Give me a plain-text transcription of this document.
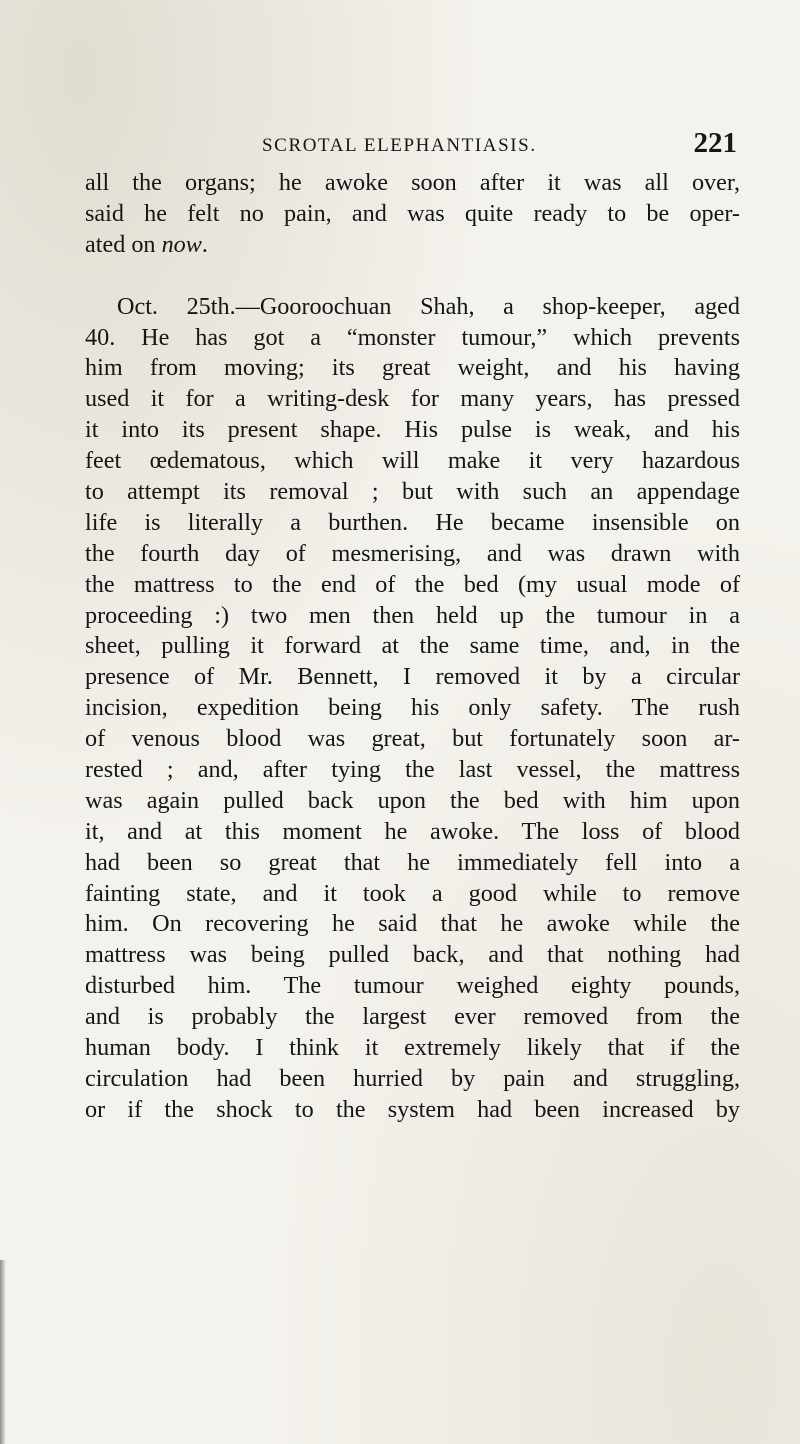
SCROTAL ELEPHANTIASIS.	221
all the organs; he awoke soon after it was all over,
said he felt no pain, and was quite ready to be oper-
ated on now.
Oct. 25th.—Gooroochuan Shah, a shop-keeper, aged
40. He has got a “monster tumour,” which prevents
him from moving; its great weight, and his having
used it for a writing-desk for many years, has pressed
it into its present shape. His pulse is weak, and his
feet œdematous, which will make it very hazardous
to attempt its removal ; but with such an appendage
life is literally a burthen. He became insensible on
the fourth day of mesmerising, and was drawn with
the mattress to the end of the bed (my usual mode of
proceeding :) two men then held up the tumour in a
sheet, pulling it forward at the same time, and, in the
presence of Mr. Bennett, I removed it by a circular
incision, expedition being his only safety. The rush
of venous blood was great, but fortunately soon ar-
rested ; and, after tying the last vessel, the mattress
was again pulled back upon the bed with him upon
it, and at this moment he awoke. The loss of blood
had been so great that he immediately fell into a
fainting state, and it took a good while to remove
him. On recovering he said that he awoke while the
mattress was being pulled back, and that nothing had
disturbed him. The tumour weighed eighty pounds,
and is probably the largest ever removed from the
human body. I think it extremely likely that if the
circulation had been hurried by pain and struggling,
or if the shock to the system had been increased by
